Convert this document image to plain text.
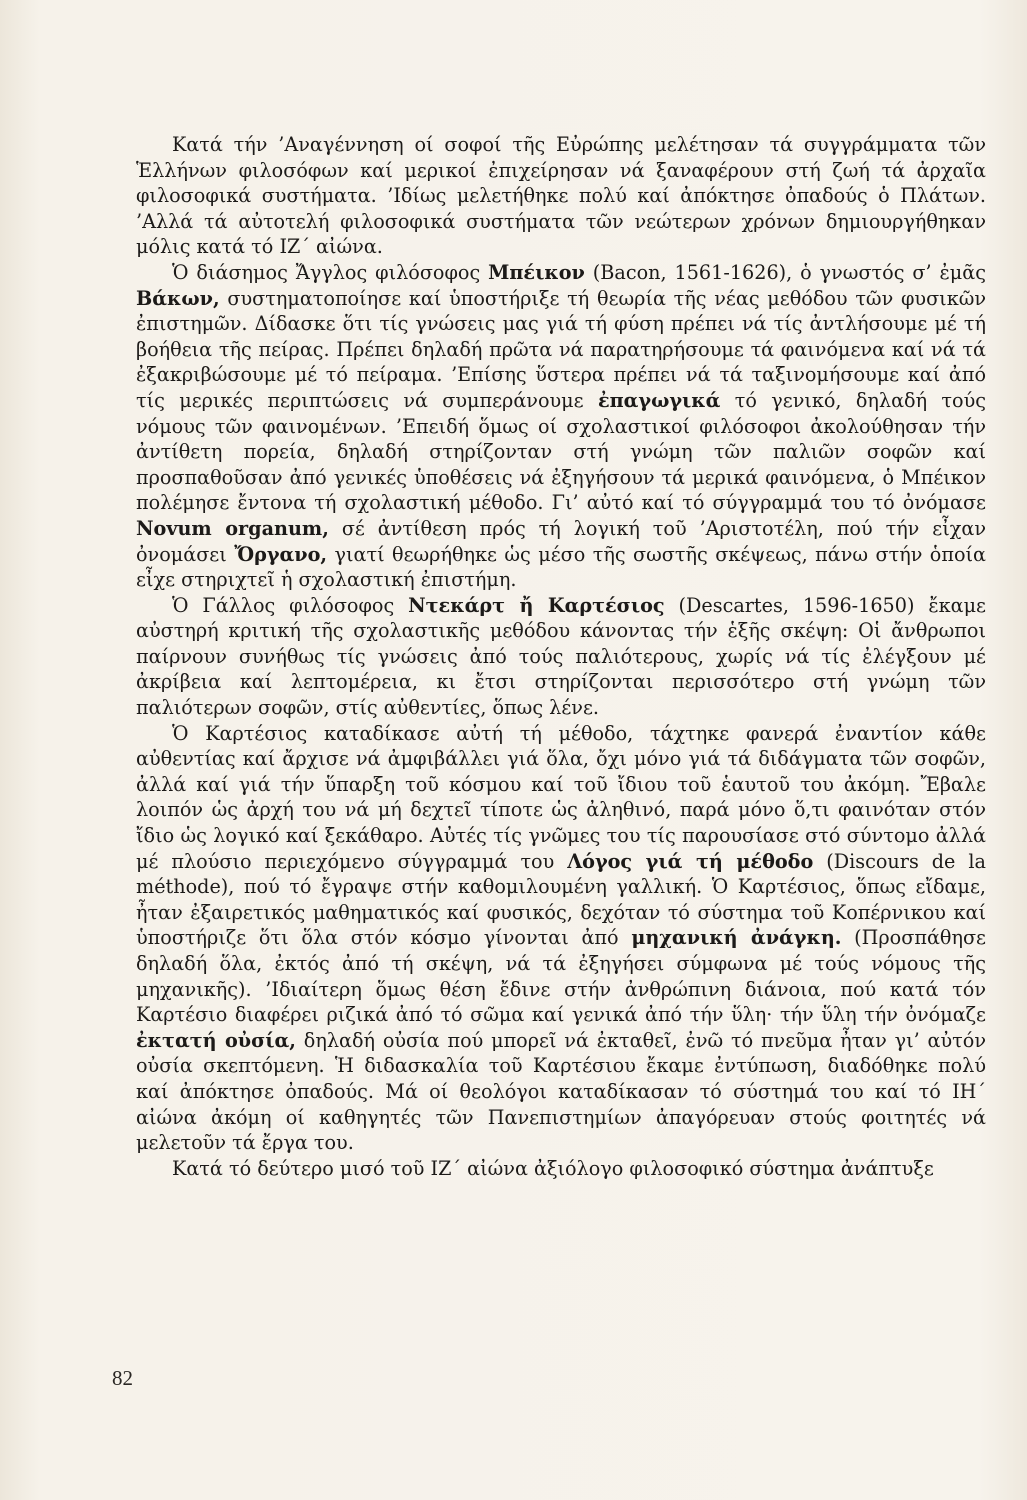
Κατά τήν ’Αναγέννηση οί σοφοί τῆς Εὐρώπης μελέτησαν τά συγγράμματα τῶν Ἑλλήνων φιλοσόφων καί μερικοί ἐπιχείρησαν νά ξαναφέρουν στή ζωή τά ἀρχαῖα φιλοσοφικά συστήματα. ’Ιδίως μελετήθηκε πολύ καί ἀπόκτησε ὀπαδούς ὁ Πλάτων. ’Αλλά τά αὐτοτελή φιλοσοφικά συστήματα τῶν νεώτερων χρόνων δημιουργήθηκαν μόλις κατά τό ΙΖ΄ αἰώνα.

Ὁ διάσημος Ἄγγλος φιλόσοφος Μπέικον (Bacon, 1561-1626), ὁ γνωστός σ’ ἐμᾶς Βάκων, συστηματοποίησε καί ὑποστήριξε τή θεωρία τῆς νέας μεθόδου τῶν φυσικῶν ἐπιστημῶν. Δίδασκε ὅτι τίς γνώσεις μας γιά τή φύση πρέπει νά τίς ἀντλήσουμε μέ τή βοήθεια τῆς πείρας. Πρέπει δηλαδή πρῶτα νά παρατηρήσουμε τά φαινόμενα καί νά τά ἐξακριβώσουμε μέ τό πείραμα. ’Επίσης ὕστερα πρέπει νά τά ταξινομήσουμε καί ἀπό τίς μερικές περιπτώσεις νά συμπεράνουμε ἐπαγωγικά τό γενικό, δηλαδή τούς νόμους τῶν φαινομένων. ’Επειδή ὅμως οί σχολαστικοί φιλόσοφοι ἀκολούθησαν τήν ἀντίθετη πορεία, δηλαδή στηρίζονταν στή γνώμη τῶν παλιῶν σοφῶν καί προσπαθοῦσαν ἀπό γενικές ὑποθέσεις νά ἐξηγήσουν τά μερικά φαινόμενα, ὁ Μπέικον πολέμησε ἔντονα τή σχολαστική μέθοδο. Γι’ αὐτό καί τό σύγγραμμά του τό ὀνόμασε Novum organum, σέ ἀντίθεση πρός τή λογική τοῦ ’Αριστοτέλη, πού τήν εἶχαν ὀνομάσει Ὄργανο, γιατί θεωρήθηκε ὡς μέσο τῆς σωστῆς σκέψεως, πάνω στήν ὁποία εἶχε στηριχτεῖ ἡ σχολαστική ἐπιστήμη.

Ὁ Γάλλος φιλόσοφος Ντεκάρτ ἤ Καρτέσιος (Descartes, 1596-1650) ἔκαμε αὐστηρή κριτική τῆς σχολαστικῆς μεθόδου κάνοντας τήν ἑξῆς σκέψη: Οἱ ἄνθρωποι παίρνουν συνήθως τίς γνώσεις ἀπό τούς παλιότερους, χωρίς νά τίς ἐλέγξουν μέ ἀκρίβεια καί λεπτομέρεια, κι ἔτσι στηρίζονται περισσότερο στή γνώμη τῶν παλιότερων σοφῶν, στίς αὐθεντίες, ὅπως λένε.

Ὁ Καρτέσιος καταδίκασε αὐτή τή μέθοδο, τάχτηκε φανερά ἐναντίον κάθε αὐθεντίας καί ἄρχισε νά ἀμφιβάλλει γιά ὅλα, ὄχι μόνο γιά τά διδάγματα τῶν σοφῶν, ἀλλά καί γιά τήν ὕπαρξη τοῦ κόσμου καί τοῦ ἴδιου τοῦ ἑαυτοῦ του ἀκόμη. Ἔβαλε λοιπόν ὡς ἀρχή του νά μή δεχτεῖ τίποτε ὡς ἀληθινό, παρά μόνο ὅ,τι φαινόταν στόν ἴδιο ὡς λογικό καί ξεκάθαρο. Αὐτές τίς γνῶμες του τίς παρουσίασε στό σύντομο ἀλλά μέ πλούσιο περιεχόμενο σύγγραμμά του Λόγος γιά τή μέθοδο (Discours de la méthode), πού τό ἔγραψε στήν καθομιλουμένη γαλλική. Ὁ Καρτέσιος, ὅπως εἴδαμε, ἦταν ἐξαιρετικός μαθηματικός καί φυσικός, δεχόταν τό σύστημα τοῦ Κοπέρνικου καί ὑποστήριζε ὅτι ὅλα στόν κόσμο γίνονται ἀπό μηχανική ἀνάγκη. (Προσπάθησε δηλαδή ὅλα, ἐκτός ἀπό τή σκέψη, νά τά ἐξηγήσει σύμφωνα μέ τούς νόμους τῆς μηχανικῆς). ’Ιδιαίτερη ὅμως θέση ἔδινε στήν ἀνθρώπινη διάνοια, πού κατά τόν Καρτέσιο διαφέρει ριζικά ἀπό τό σῶμα καί γενικά ἀπό τήν ὕλη· τήν ὕλη τήν ὀνόμαζε ἐκτατή οὐσία, δηλαδή οὐσία πού μπορεῖ νά ἐκταθεῖ, ἐνῶ τό πνεῦμα ἦταν γι’ αὐτόν οὐσία σκεπτόμενη. Ἡ διδασκαλία τοῦ Καρτέσιου ἔκαμε ἐντύπωση, διαδόθηκε πολύ καί ἀπόκτησε ὀπαδούς. Μά οί θεολόγοι καταδίκασαν τό σύστημά του καί τό ΙΗ΄ αἰώνα ἀκόμη οί καθηγητές τῶν Πανεπιστημίων ἀπαγόρευαν στούς φοιτητές νά μελετοῦν τά ἔργα του.

Κατά τό δεύτερο μισό τοῦ ΙΖ΄ αἰώνα ἀξιόλογο φιλοσοφικό σύστημα ἀνάπτυξε

82
